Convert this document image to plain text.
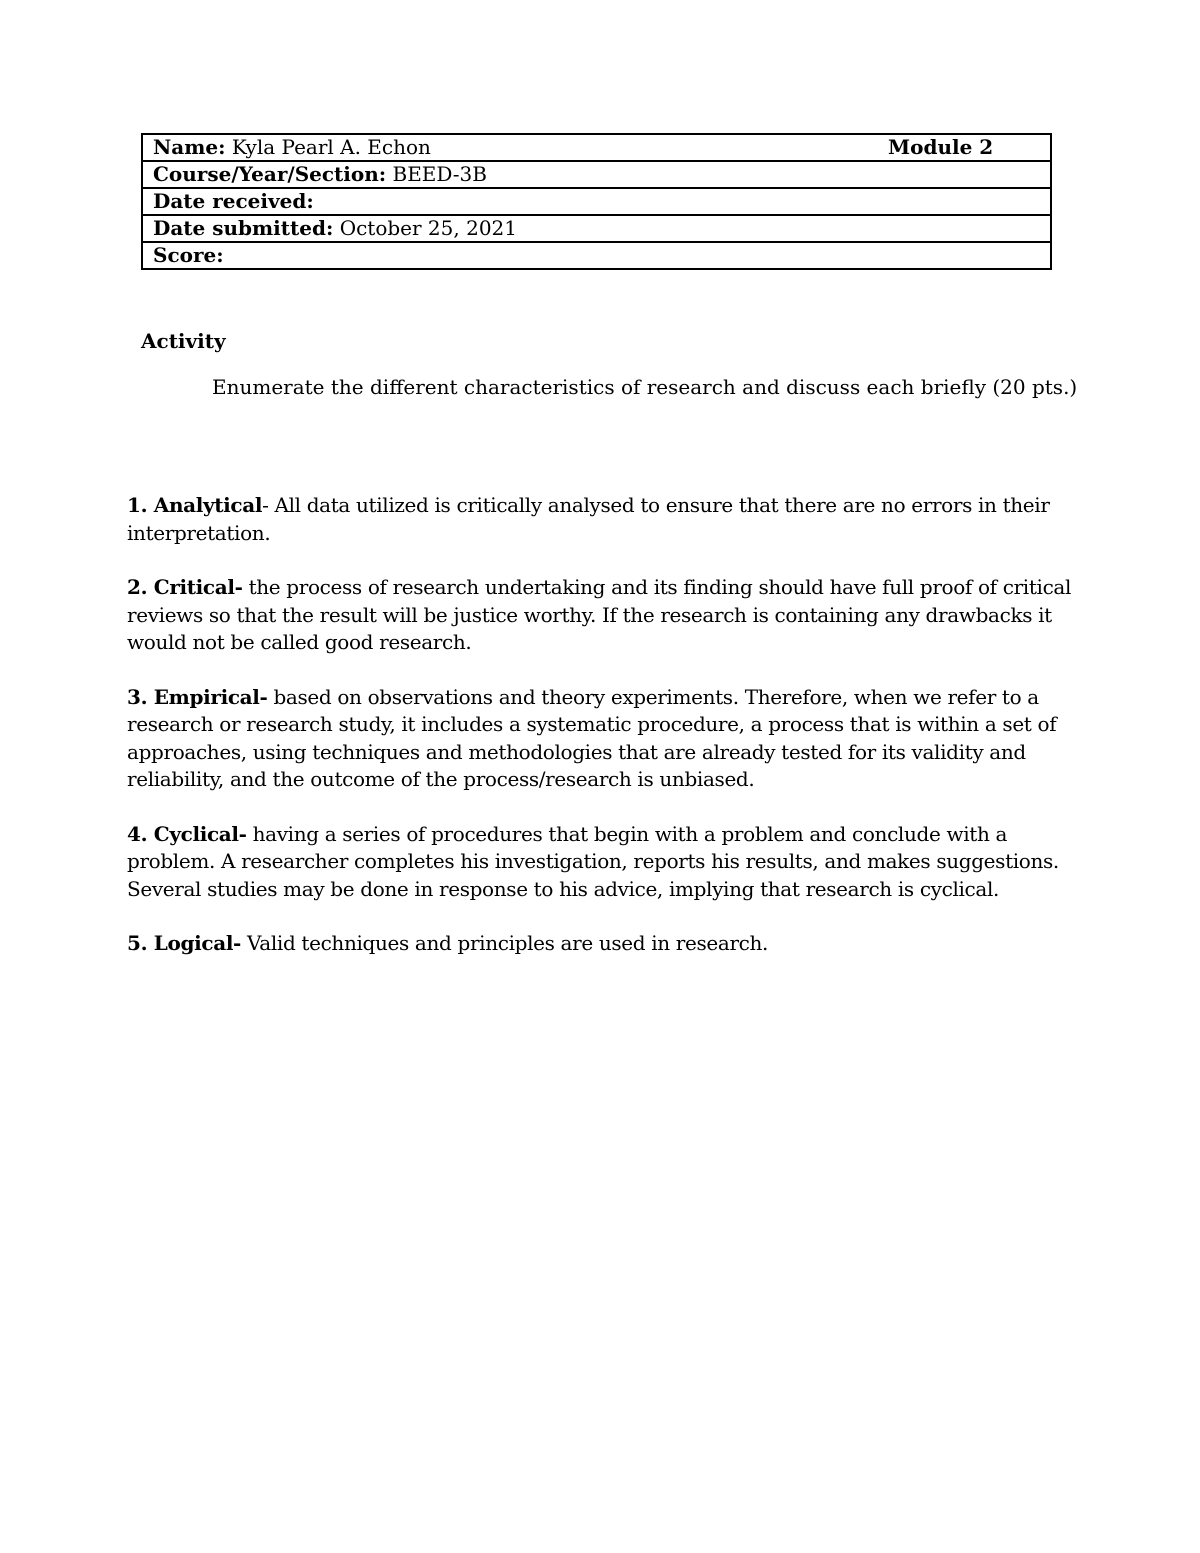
Name: Kyla Pearl A. Echon	Module 2
Course/Year/Section: BEED-3B
Date received:
Date submitted: October 25, 2021
Score:

Activity

Enumerate the different characteristics of research and discuss each briefly (20 pts.)

1. Analytical- All data utilized is critically analysed to ensure that there are no errors in their interpretation.

2. Critical- the process of research undertaking and its finding should have full proof of critical reviews so that the result will be justice worthy. If the research is containing any drawbacks it would not be called good research.

3. Empirical- based on observations and theory experiments. Therefore, when we refer to a research or research study, it includes a systematic procedure, a process that is within a set of approaches, using techniques and methodologies that are already tested for its validity and reliability, and the outcome of the process/research is unbiased.

4. Cyclical- having a series of procedures that begin with a problem and conclude with a problem. A researcher completes his investigation, reports his results, and makes suggestions. Several studies may be done in response to his advice, implying that research is cyclical.

5. Logical- Valid techniques and principles are used in research.
